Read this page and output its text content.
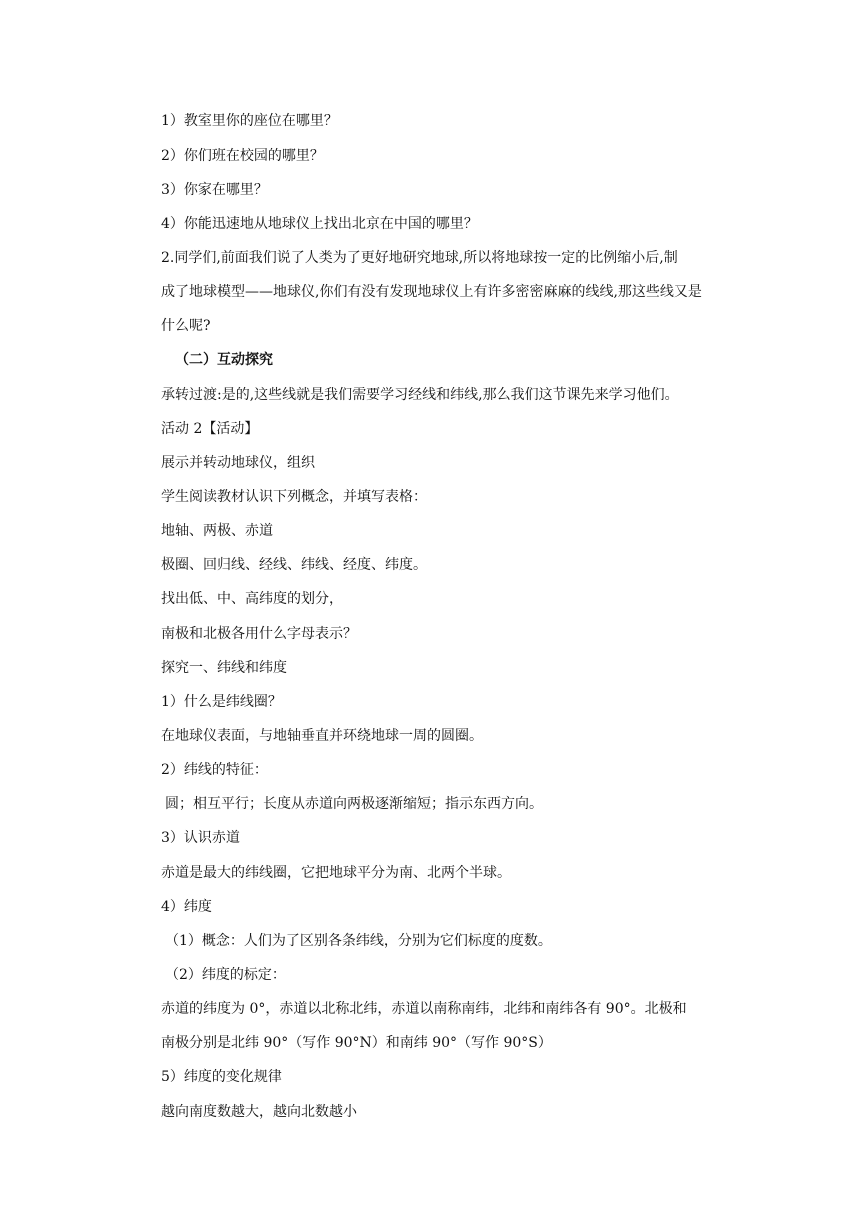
1）教室里你的座位在哪里？

2）你们班在校园的哪里？

3）你家在哪里？

4）你能迅速地从地球仪上找出北京在中国的哪里？

2.同学们,前面我们说了人类为了更好地研究地球,所以将地球按一定的比例缩小后,制

成了地球模型——地球仪,你们有没有发现地球仪上有许多密密麻麻的线线,那这些线又是

什么呢?

（二）互动探究

承转过渡:是的,这些线就是我们需要学习经线和纬线,那么我们这节课先来学习他们。

活动 2【活动】

展示并转动地球仪，组织

学生阅读教材认识下列概念，并填写表格：

地轴、两极、赤道

极圈、回归线、经线、纬线、经度、纬度。

找出低、中、高纬度的划分，

南极和北极各用什么字母表示？

探究一、纬线和纬度

1）什么是纬线圈？

在地球仪表面，与地轴垂直并环绕地球一周的圆圈。

2）纬线的特征：

圆；相互平行；长度从赤道向两极逐渐缩短；指示东西方向。

3）认识赤道

赤道是最大的纬线圈，它把地球平分为南、北两个半球。

4）纬度

（1）概念：人们为了区别各条纬线，分别为它们标度的度数。

（2）纬度的标定：

赤道的纬度为 0°，赤道以北称北纬，赤道以南称南纬，北纬和南纬各有 90°。北极和

南极分别是北纬 90°（写作 90°N）和南纬 90°（写作 90°S）

5）纬度的变化规律

越向南度数越大，越向北数越小
